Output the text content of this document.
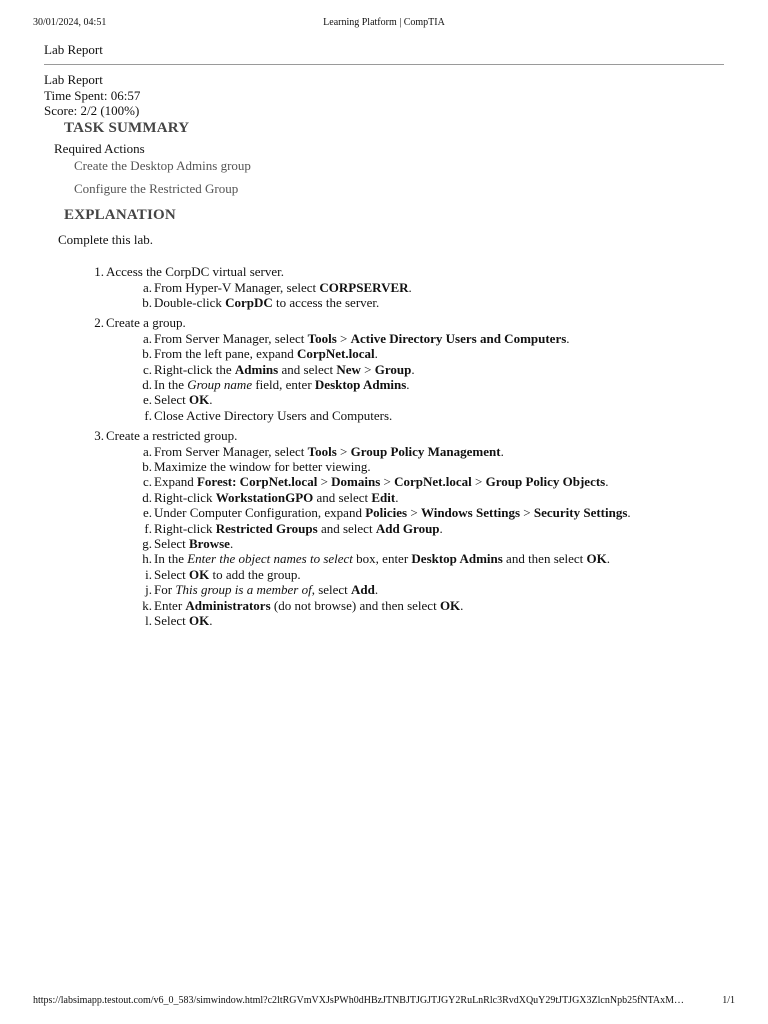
30/01/2024, 04:51	Learning Platform | CompTIA
Lab Report
Lab Report
Time Spent: 06:57
Score: 2/2 (100%)
TASK SUMMARY
Required Actions
Create the Desktop Admins group
Configure the Restricted Group
EXPLANATION
Complete this lab.
1. Access the CorpDC virtual server.
a. From Hyper-V Manager, select CORPSERVER.
b. Double-click CorpDC to access the server.
2. Create a group.
a. From Server Manager, select Tools > Active Directory Users and Computers.
b. From the left pane, expand CorpNet.local.
c. Right-click the Admins and select New > Group.
d. In the Group name field, enter Desktop Admins.
e. Select OK.
f. Close Active Directory Users and Computers.
3. Create a restricted group.
a. From Server Manager, select Tools > Group Policy Management.
b. Maximize the window for better viewing.
c. Expand Forest: CorpNet.local > Domains > CorpNet.local > Group Policy Objects.
d. Right-click WorkstationGPO and select Edit.
e. Under Computer Configuration, expand Policies > Windows Settings > Security Settings.
f. Right-click Restricted Groups and select Add Group.
g. Select Browse.
h. In the Enter the object names to select box, enter Desktop Admins and then select OK.
i. Select OK to add the group.
j. For This group is a member of, select Add.
k. Enter Administrators (do not browse) and then select OK.
l. Select OK.
https://labsimapp.testout.com/v6_0_583/simwindow.html?c2ltRGVmVXJsPWh0dHBzJTNBJTJGJTJGY2RuLnRlc3RvdXQuY29tJTJGX3ZlcnNpb25fNTAxM…	1/1
